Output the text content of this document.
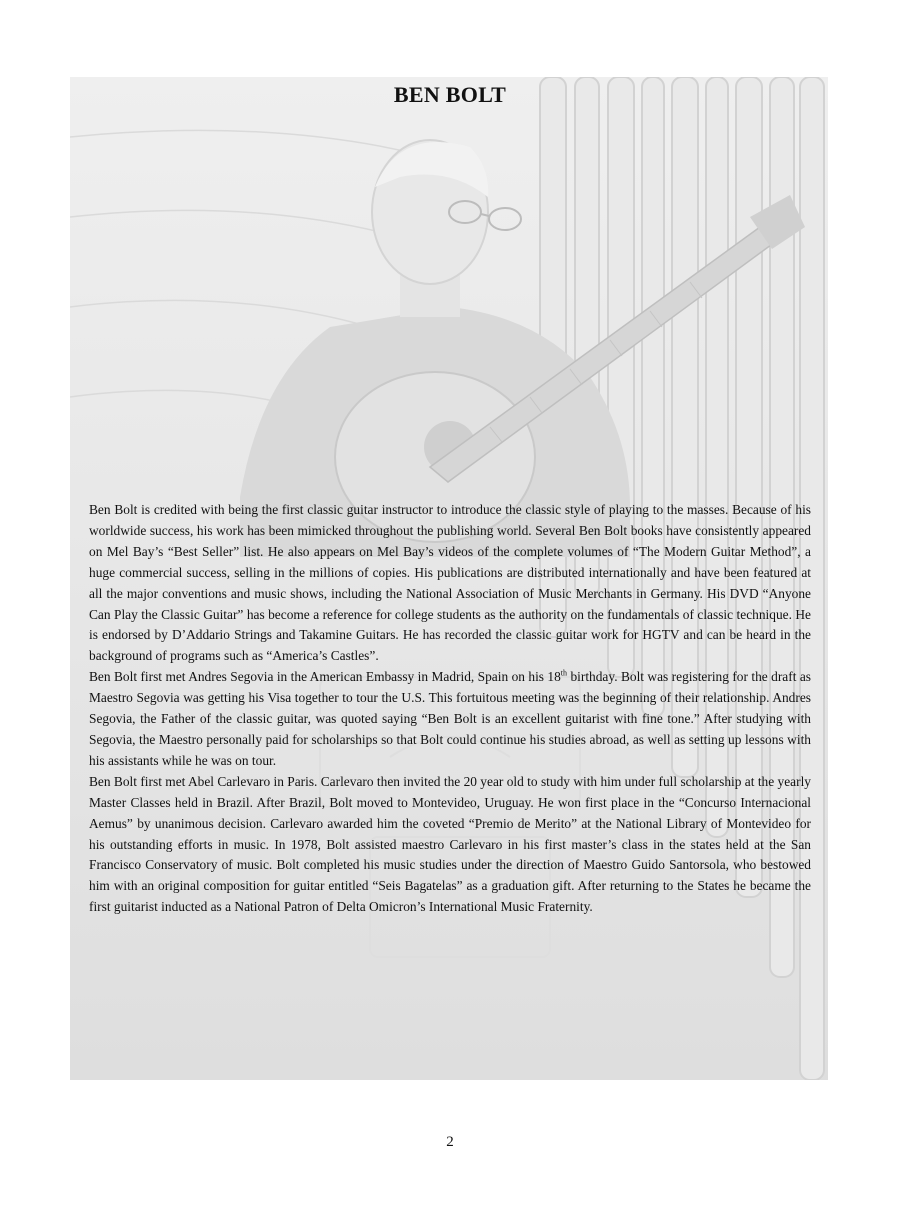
BEN BOLT

Ben Bolt is credited with being the first classic guitar instructor to introduce the classic style of playing to the masses. Because of his worldwide success, his work has been mimicked throughout the publishing world. Several Ben Bolt books have consistently appeared on Mel Bay’s “Best Seller” list. He also appears on Mel Bay’s videos of the complete volumes of “The Modern Guitar Method”, a huge commercial success, selling in the millions of copies. His publications are distributed internationally and have been featured at all the major conventions and music shows, including the National Association of Music Merchants in Germany. His DVD “Anyone Can Play the Classic Guitar” has become a reference for college students as the authority on the fundamentals of classic technique. He is endorsed by D’Addario Strings and Takamine Guitars. He has recorded the classic guitar work for HGTV and can be heard in the background of programs such as “America’s Castles”.

Ben Bolt first met Andres Segovia in the American Embassy in Madrid, Spain on his 18th birthday. Bolt was registering for the draft as Maestro Segovia was getting his Visa together to tour the U.S. This fortuitous meeting was the beginning of their relationship. Andres Segovia, the Father of the classic guitar, was quoted saying “Ben Bolt is an excellent guitarist with fine tone.” After studying with Segovia, the Maestro personally paid for scholarships so that Bolt could continue his studies abroad, as well as setting up lessons with his assistants while he was on tour.

Ben Bolt first met Abel Carlevaro in Paris. Carlevaro then invited the 20 year old to study with him under full scholarship at the yearly Master Classes held in Brazil. After Brazil, Bolt moved to Montevideo, Uruguay. He won first place in the “Concurso Internacional Aemus” by unanimous decision. Carlevaro awarded him the coveted “Premio de Merito” at the National Library of Montevideo for his outstanding efforts in music. In 1978, Bolt assisted maestro Carlevaro in his first master’s class in the states held at the San Francisco Conservatory of music. Bolt completed his music studies under the direction of Maestro Guido Santorsola, who bestowed him with an original composition for guitar entitled “Seis Bagatelas” as a graduation gift. After returning to the States he became the first guitarist inducted as a National Patron of Delta Omicron’s International Music Fraternity.

2
